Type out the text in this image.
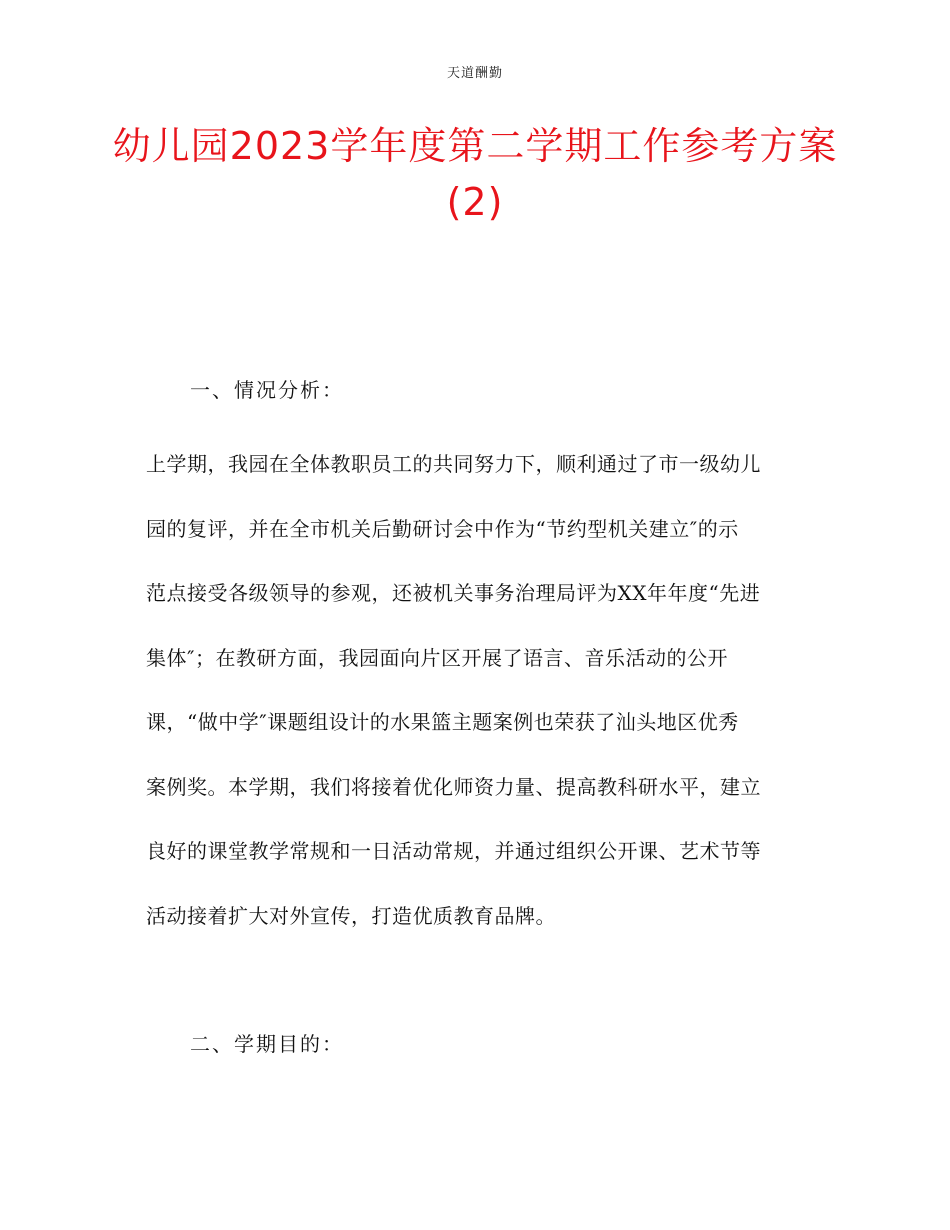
天道酬勤
幼儿园2023学年度第二学期工作参考方案 (2)
一、情况分析：
上学期，我园在全体教职员工的共同努力下，顺利通过了市一级幼儿
园的复评，并在全市机关后勤研讨会中作为“节约型机关建立″的示
范点接受各级领导的参观，还被机关事务治理局评为XX年年度“先进
集体″；在教研方面，我园面向片区开展了语言、音乐活动的公开
课，“做中学″课题组设计的水果篮主题案例也荣获了汕头地区优秀
案例奖。本学期，我们将接着优化师资力量、提高教科研水平，建立
良好的课堂教学常规和一日活动常规，并通过组织公开课、艺术节等
活动接着扩大对外宣传，打造优质教育品牌。
二、学期目的：
